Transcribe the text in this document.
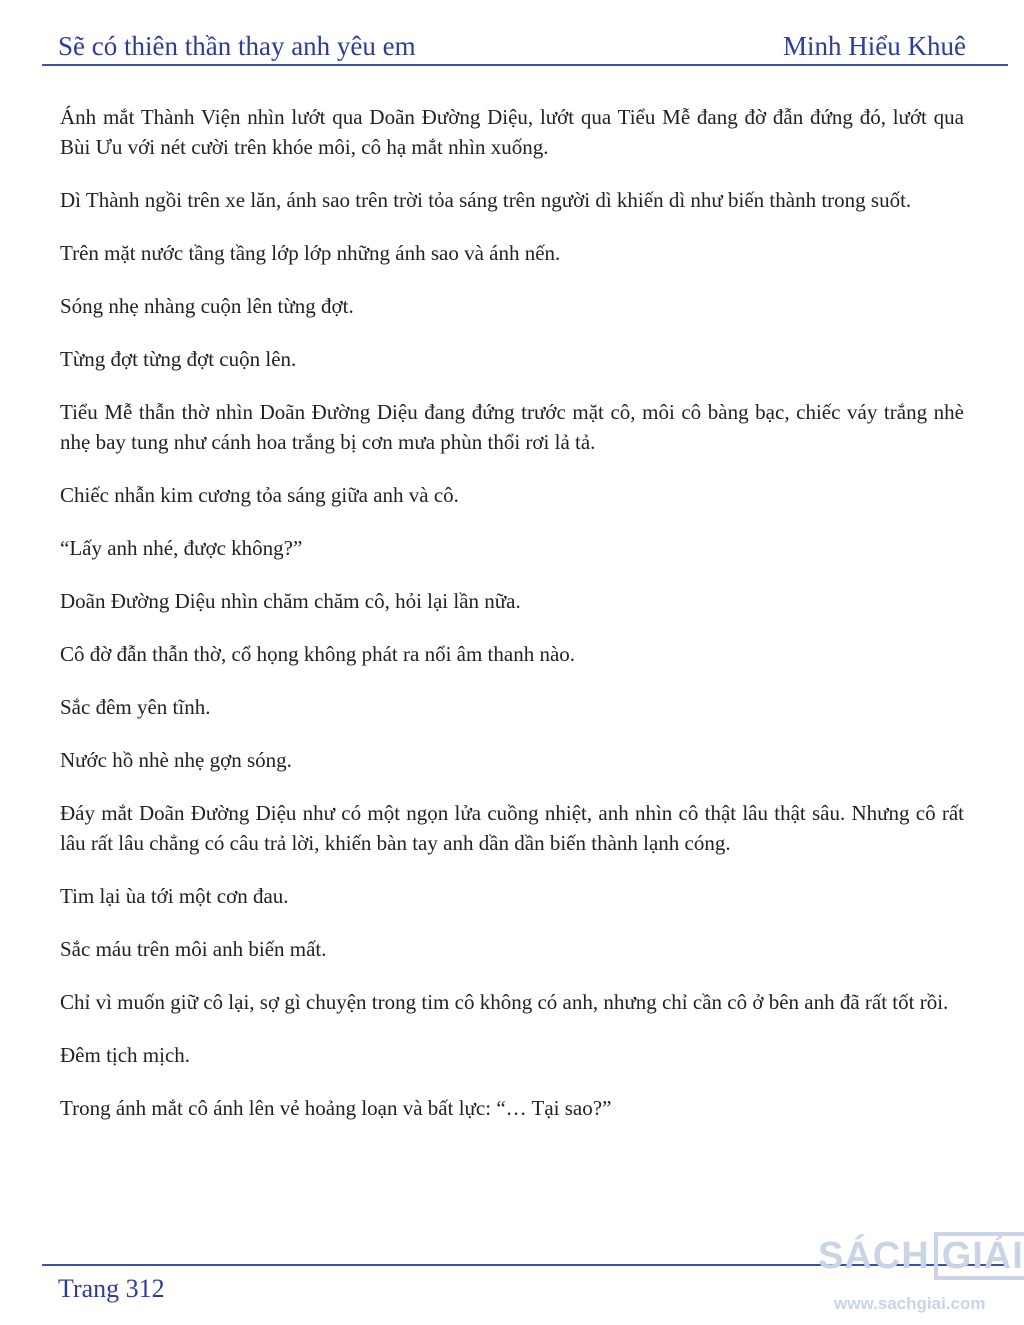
Sẽ có thiên thần thay anh yêu em	Minh Hiểu Khuê

Ánh mắt Thành Viện nhìn lướt qua Doãn Đường Diệu, lướt qua Tiểu Mễ đang đờ đẫn đứng đó, lướt qua Bùi Ưu với nét cười trên khóe môi, cô hạ mắt nhìn xuống.

Dì Thành ngồi trên xe lăn, ánh sao trên trời tỏa sáng trên người dì khiến dì như biến thành trong suốt.

Trên mặt nước tầng tầng lớp lớp những ánh sao và ánh nến.

Sóng nhẹ nhàng cuộn lên từng đợt.

Từng đợt từng đợt cuộn lên.

Tiểu Mễ thẫn thờ nhìn Doãn Đường Diệu đang đứng trước mặt cô, môi cô bàng bạc, chiếc váy trắng nhè nhẹ bay tung như cánh hoa trắng bị cơn mưa phùn thổi rơi lả tả.

Chiếc nhẫn kim cương tỏa sáng giữa anh và cô.

“Lấy anh nhé, được không?”

Doãn Đường Diệu nhìn chăm chăm cô, hỏi lại lần nữa.

Cô đờ đẫn thẫn thờ, cổ họng không phát ra nổi âm thanh nào.

Sắc đêm yên tĩnh.

Nước hồ nhè nhẹ gợn sóng.

Đáy mắt Doãn Đường Diệu như có một ngọn lửa cuồng nhiệt, anh nhìn cô thật lâu thật sâu. Nhưng cô rất lâu rất lâu chẳng có câu trả lời, khiến bàn tay anh dần dần biến thành lạnh cóng.

Tim lại ùa tới một cơn đau.

Sắc máu trên môi anh biến mất.

Chỉ vì muốn giữ cô lại, sợ gì chuyện trong tim cô không có anh, nhưng chỉ cần cô ở bên anh đã rất tốt rồi.

Đêm tịch mịch.

Trong ánh mắt cô ánh lên vẻ hoảng loạn và bất lực: “… Tại sao?”

Trang 312
SÁCH GIẢI
www.sachgiai.com
